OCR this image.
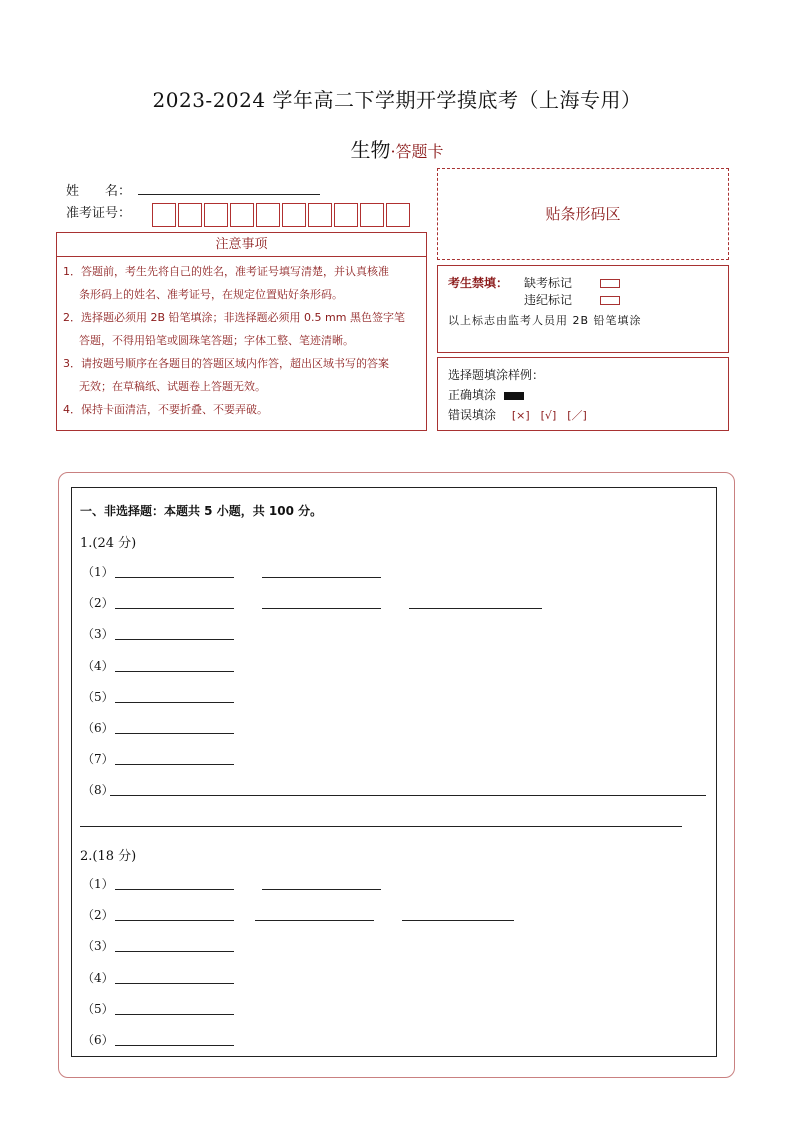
2023-2024 学年高二下学期开学摸底考（上海专用）
生物·答题卡
姓　　名：
准考证号：	贴条形码区
注意事项
1．答题前，考生先将自己的姓名，准考证号填写清楚，并认真核准
条形码上的姓名、准考证号，在规定位置贴好条形码。
2．选择题必须用 2B 铅笔填涂；非选择题必须用 0.5 mm 黑色签字笔
答题，不得用铅笔或圆珠笔答题；字体工整、笔迹清晰。
3．请按题号顺序在各题目的答题区域内作答，超出区域书写的答案
无效；在草稿纸、试题卷上答题无效。
4．保持卡面清洁，不要折叠、不要弄破。
考生禁填： 缺考标记
违纪标记
以上标志由监考人员用 2B 铅笔填涂
选择题填涂样例：
正确填涂
错误填涂 [×]　[√]　[／]
一、非选择题：本题共 5 小题，共 100 分。
1.(24 分)
（1）
（2）
（3）
（4）
（5）
（6）
（7）
（8）
2.(18 分)
（1）
（2）
（3）
（4）
（5）
（6）
